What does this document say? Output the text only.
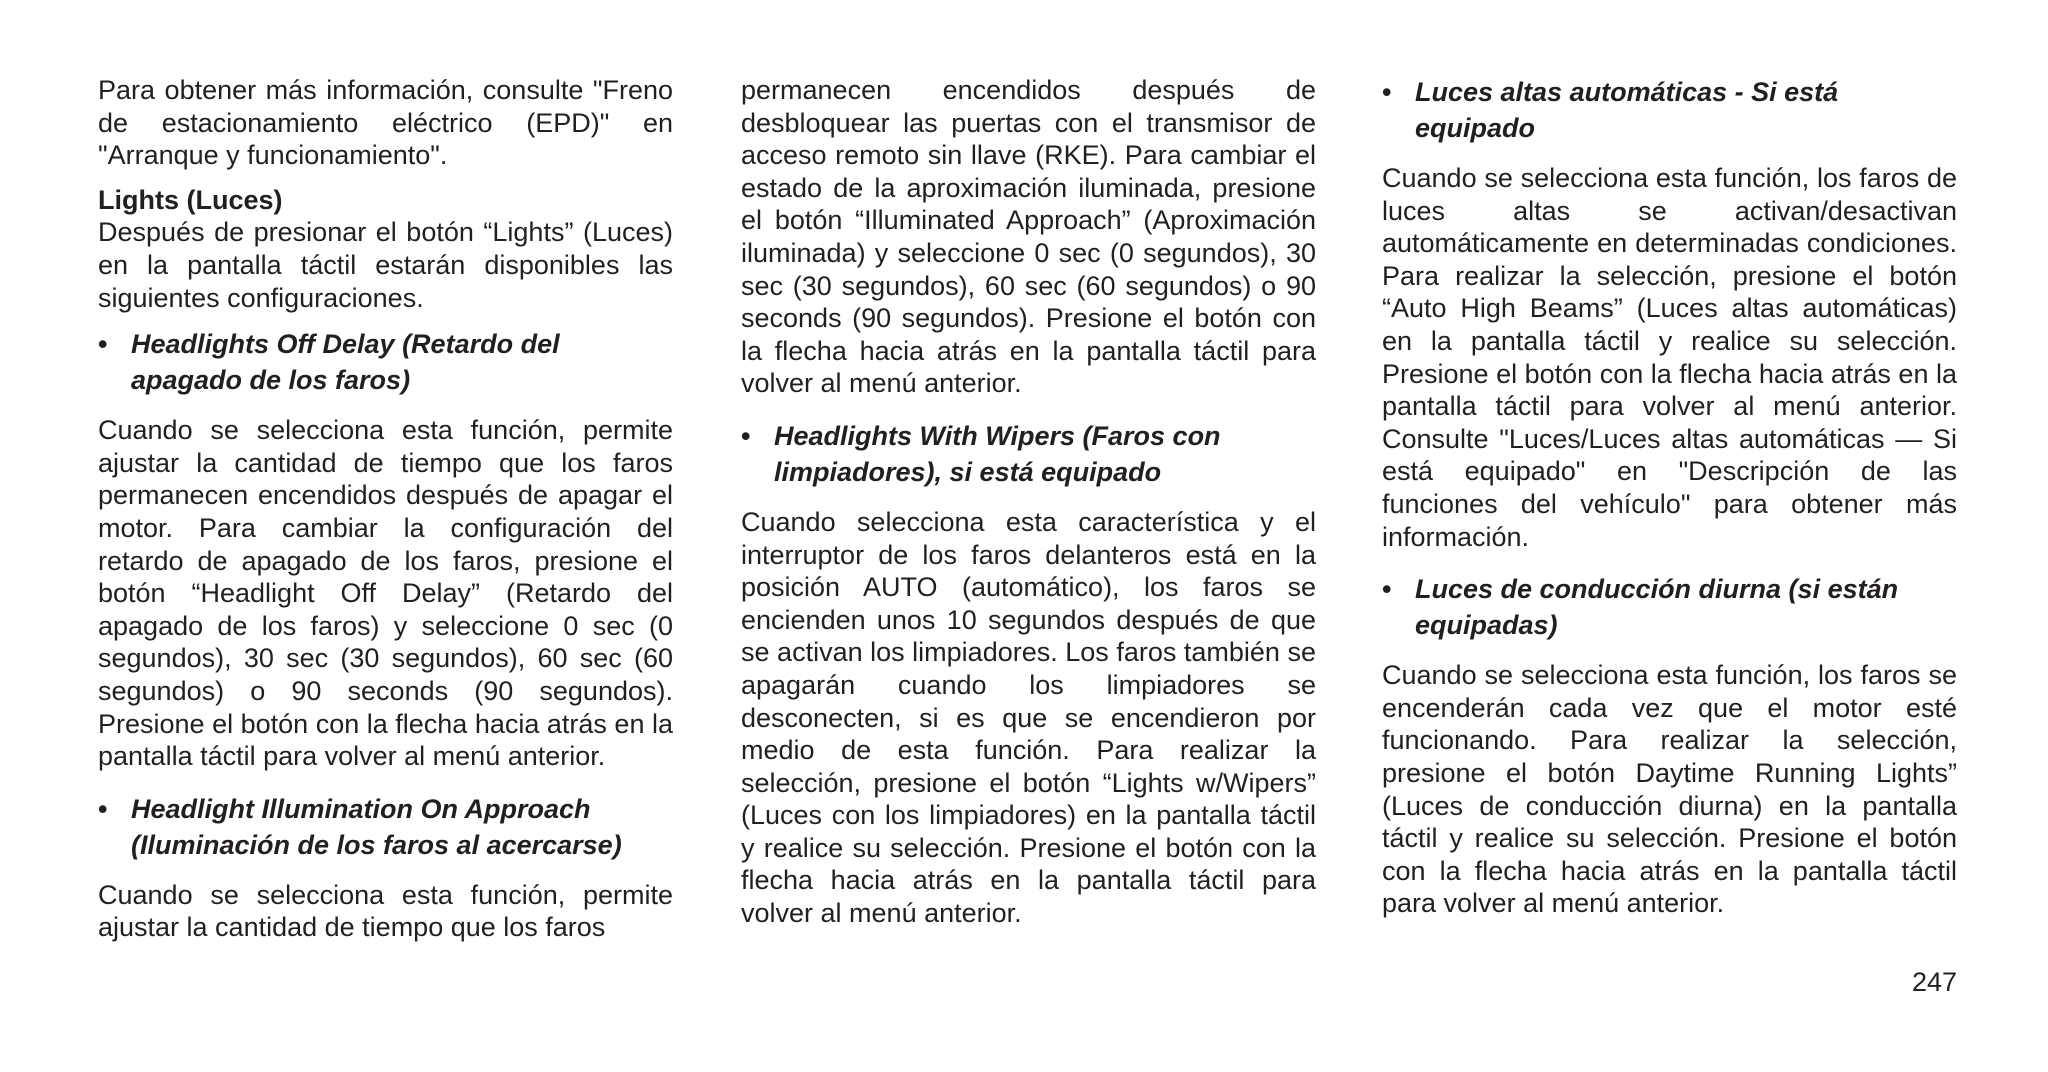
Para obtener más información, consulte "Freno de estacionamiento eléctrico (EPD)" en "Arranque y funcionamiento".

Lights (Luces)

Después de presionar el botón “Lights” (Luces) en la pantalla táctil estarán disponibles las siguientes configuraciones.

• Headlights Off Delay (Retardo del apagado de los faros)

Cuando se selecciona esta función, permite ajustar la cantidad de tiempo que los faros permanecen encendidos después de apagar el motor. Para cambiar la configuración del retardo de apagado de los faros, presione el botón “Headlight Off Delay” (Retardo del apagado de los faros) y seleccione 0 sec (0 segundos), 30 sec (30 segundos), 60 sec (60 segundos) o 90 seconds (90 segundos). Presione el botón con la flecha hacia atrás en la pantalla táctil para volver al menú anterior.

• Headlight Illumination On Approach (Iluminación de los faros al acercarse)

Cuando se selecciona esta función, permite ajustar la cantidad de tiempo que los faros

permanecen encendidos después de desbloquear las puertas con el transmisor de acceso remoto sin llave (RKE). Para cambiar el estado de la aproximación iluminada, presione el botón “Illuminated Approach” (Aproximación iluminada) y seleccione 0 sec (0 segundos), 30 sec (30 segundos), 60 sec (60 segundos) o 90 seconds (90 segundos). Presione el botón con la flecha hacia atrás en la pantalla táctil para volver al menú anterior.

• Headlights With Wipers (Faros con limpiadores), si está equipado

Cuando selecciona esta característica y el interruptor de los faros delanteros está en la posición AUTO (automático), los faros se encienden unos 10 segundos después de que se activan los limpiadores. Los faros también se apagarán cuando los limpiadores se desconecten, si es que se encendieron por medio de esta función. Para realizar la selección, presione el botón “Lights w/Wipers” (Luces con los limpiadores) en la pantalla táctil y realice su selección. Presione el botón con la flecha hacia atrás en la pantalla táctil para volver al menú anterior.

• Luces altas automáticas - Si está equipado

Cuando se selecciona esta función, los faros de luces altas se activan/desactivan automáticamente en determinadas condiciones. Para realizar la selección, presione el botón “Auto High Beams” (Luces altas automáticas) en la pantalla táctil y realice su selección. Presione el botón con la flecha hacia atrás en la pantalla táctil para volver al menú anterior. Consulte "Luces/Luces altas automáticas — Si está equipado" en "Descripción de las funciones del vehículo" para obtener más información.

• Luces de conducción diurna (si están equipadas)

Cuando se selecciona esta función, los faros se encenderán cada vez que el motor esté funcionando. Para realizar la selección, presione el botón Daytime Running Lights” (Luces de conducción diurna) en la pantalla táctil y realice su selección. Presione el botón con la flecha hacia atrás en la pantalla táctil para volver al menú anterior.

247
